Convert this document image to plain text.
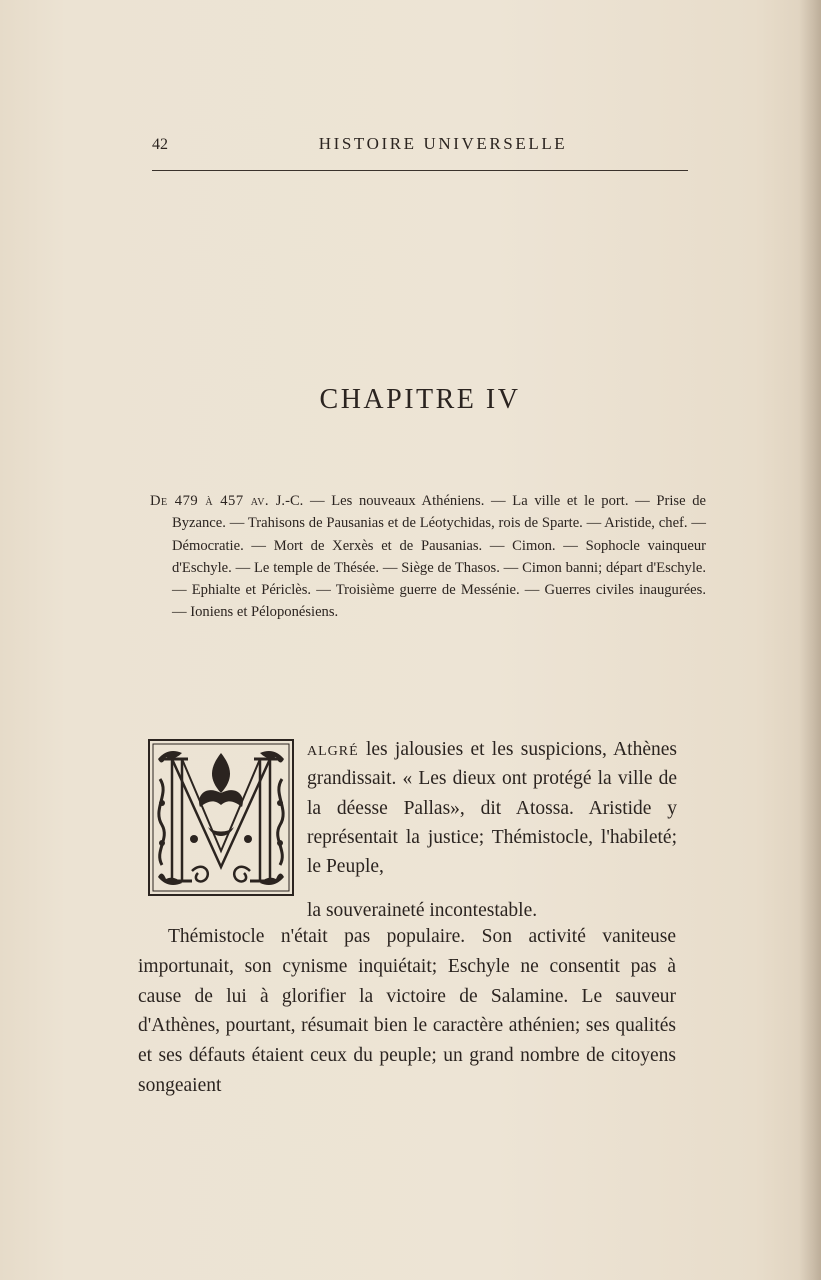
42	HISTOIRE UNIVERSELLE
CHAPITRE IV
De 479 à 457 av. J.-C. — Les nouveaux Athéniens. — La ville et le port. — Prise de Byzance. — Trahisons de Pausanias et de Léotychidas, rois de Sparte. — Aristide, chef. — Démocratie. — Mort de Xerxès et de Pausanias. — Cimon. — Sophocle vainqueur d'Eschyle. — Le temple de Thésée. — Siège de Thasos. — Cimon banni; départ d'Eschyle. — Ephialte et Périclès. — Troisième guerre de Messénie. — Guerres civiles inaugurées. — Ioniens et Péloponésiens.
algré les jalousies et les suspicions, Athènes grandissait. « Les dieux ont protégé la ville de la déesse Pallas», dit Atossa. Aristide y représentait la justice; Thémistocle, l'habileté; le Peuple,
la souveraineté incontestable.
Thémistocle n'était pas populaire. Son activité vaniteuse importunait, son cynisme inquiétait; Eschyle ne consentit pas à cause de lui à glorifier la victoire de Salamine. Le sauveur d'Athènes, pourtant, résumait bien le caractère athénien; ses qualités et ses défauts étaient ceux du peuple; un grand nombre de citoyens songeaient
